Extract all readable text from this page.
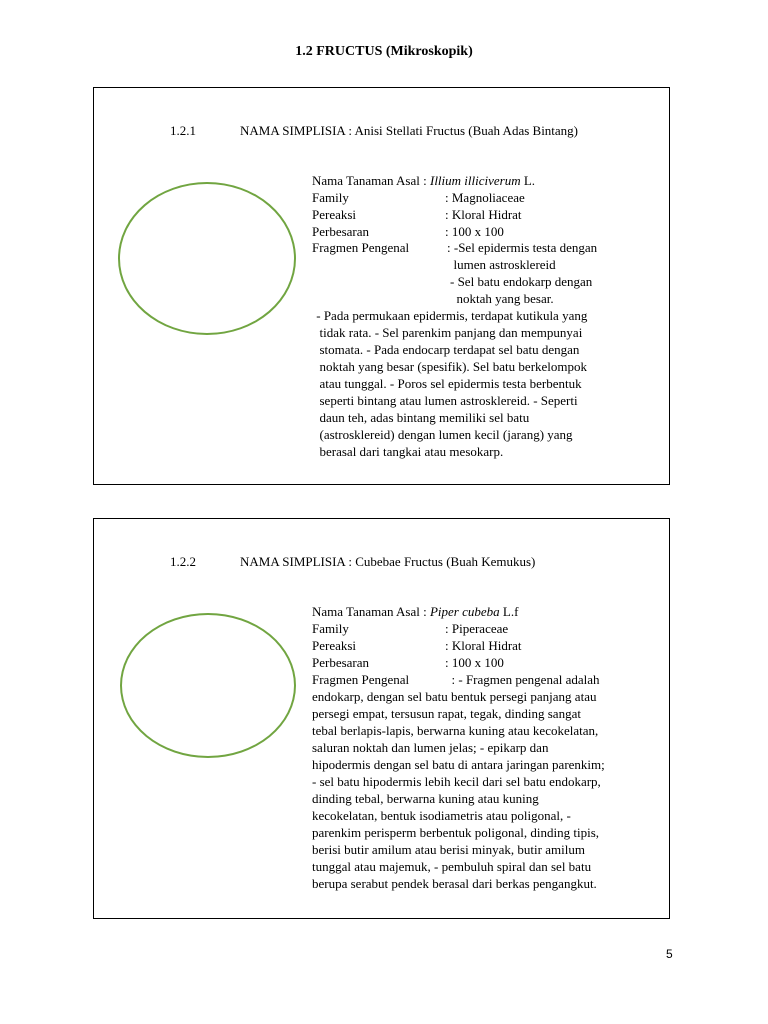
1.2 FRUCTUS (Mikroskopik)
1.2.1	NAMA SIMPLISIA : Anisi Stellati Fructus (Buah Adas Bintang)
Nama Tanaman Asal : Illium illiciverum L.
Family	: Magnoliaceae
Pereaksi	: Kloral Hidrat
Perbesaran	: 100 x 100
Fragmen Pengenal	: -Sel epidermis testa dengan
lumen astrosklereid
- Sel batu endokarp dengan
noktah yang besar.
- Pada permukaan epidermis, terdapat kutikula yang
tidak rata. - Sel parenkim panjang dan mempunyai
stomata. - Pada endocarp terdapat sel batu dengan
noktah yang besar (spesifik). Sel batu berkelompok
atau tunggal. - Poros sel epidermis testa berbentuk
seperti bintang atau lumen astrosklereid. - Seperti
daun teh, adas bintang memiliki sel batu
(astrosklereid) dengan lumen kecil (jarang) yang
berasal dari tangkai atau mesokarp.
1.2.2	NAMA SIMPLISIA : Cubebae Fructus (Buah Kemukus)
Nama Tanaman Asal : Piper cubeba L.f
Family	: Piperaceae
Pereaksi	: Kloral Hidrat
Perbesaran	: 100 x 100
Fragmen Pengenal	: - Fragmen pengenal adalah
endokarp, dengan sel batu bentuk persegi panjang atau
persegi empat, tersusun rapat, tegak, dinding sangat
tebal berlapis-lapis, berwarna kuning atau kecokelatan,
saluran noktah dan lumen jelas; - epikarp dan
hipodermis dengan sel batu di antara jaringan parenkim;
- sel batu hipodermis lebih kecil dari sel batu endokarp,
dinding tebal, berwarna kuning atau kuning
kecokelatan, bentuk isodiametris atau poligonal, -
parenkim perisperm berbentuk poligonal, dinding tipis,
berisi butir amilum atau berisi minyak, butir amilum
tunggal atau majemuk, - pembuluh spiral dan sel batu
berupa serabut pendek berasal dari berkas pengangkut.
5
